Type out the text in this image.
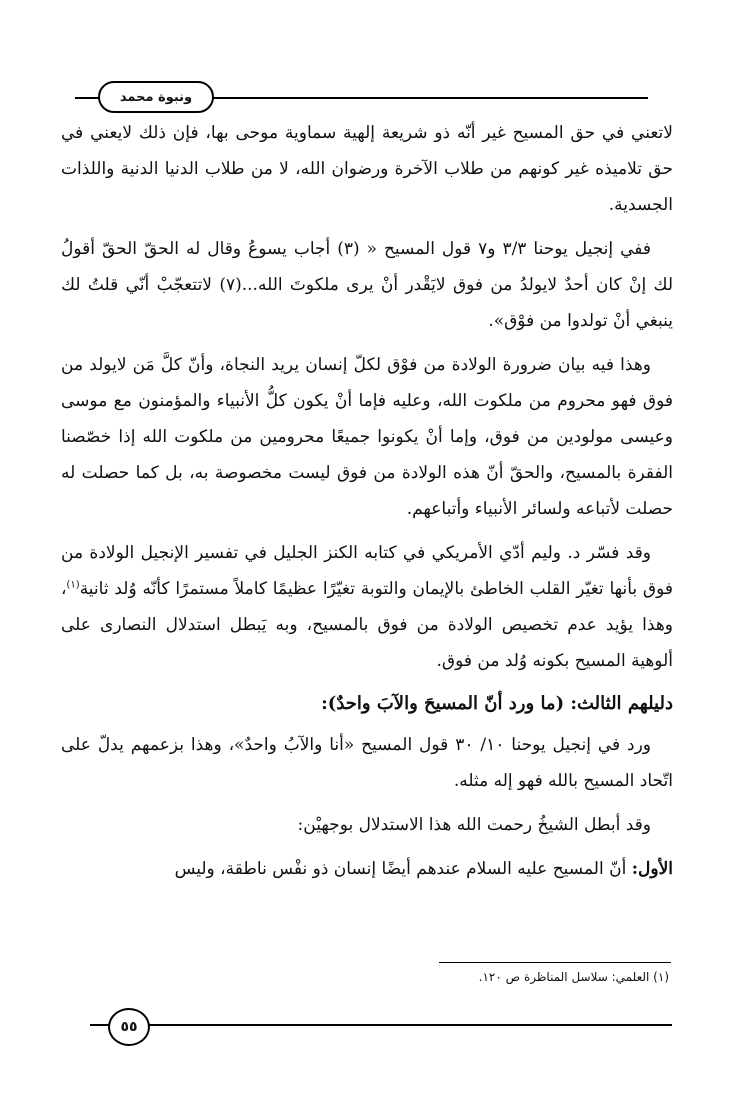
ونبوة محمد

لاتعني في حق المسيح غير أنّه ذو شريعة إلهية سماوية موحى بها، فإن ذلك لايعني في حق تلاميذه غير كونهم من طلاب الآخرة ورضوان الله، لا من طلاب الدنيا الدنية واللذات الجسدية.

ففي إنجيل يوحنا ٣/٣ و٧ قول المسيح « (٣) أجاب يسوعُ وقال له الحقّ الحقّ أقولُ لك إنْ كان أحدٌ لايولدُ من فوق لايَقْدر أنْ يرى ملكوتَ الله...(٧) لاتتعجّبْ أنّي قلتُ لك ينبغي أنْ تولدوا من فوْق».

وهذا فيه بيان ضرورة الولادة من فوْق لكلّ إنسان يريد النجاة، وأنّ كلَّ مَن لايولد من فوق فهو محروم من ملكوت الله، وعليه فإما أنْ يكون كلُّ الأنبياء والمؤمنون مع موسى وعيسى مولودين من فوق، وإما أنْ يكونوا جميعًا محرومين من ملكوت الله إذا خصّصنا الفقرة بالمسيح، والحقّ أنّ هذه الولادة من فوق ليست مخصوصة به، بل كما حصلت له حصلت لأتباعه ولسائر الأنبياء وأتباعهم.

وقد فسّر د. وليم أدّي الأمريكي في كتابه الكنز الجليل في تفسير الإنجيل الولادة من فوق بأنها تغيّر القلب الخاطئ بالإيمان والتوبة تغيّرًا عظيمًا كاملاً مستمرًا كأنّه وُلد ثانية$^{(١)}$، وهذا يؤيد عدم تخصيص الولادة من فوق بالمسيح، وبه يَبطل استدلال النصارى على ألوهية المسيح بكونه وُلد من فوق.

دليلهم الثالث: (ما ورد أنّ المسيحَ والآبَ واحدٌ):

ورد في إنجيل يوحنا ١٠/ ٣٠ قول المسيح «أنا والآبُ واحدٌ»، وهذا بزعمهم يدلّ على اتّحاد المسيح بالله فهو إله مثله.

وقد أبطل الشيخُ رحمت الله هذا الاستدلال بوجهيْن:

الأول: أنّ المسيح عليه السلام عندهم أيضًا إنسان ذو نفْس ناطقة، وليس

(١) العلمي: سلاسل المناظرة ص ١٢٠.
٥٥
